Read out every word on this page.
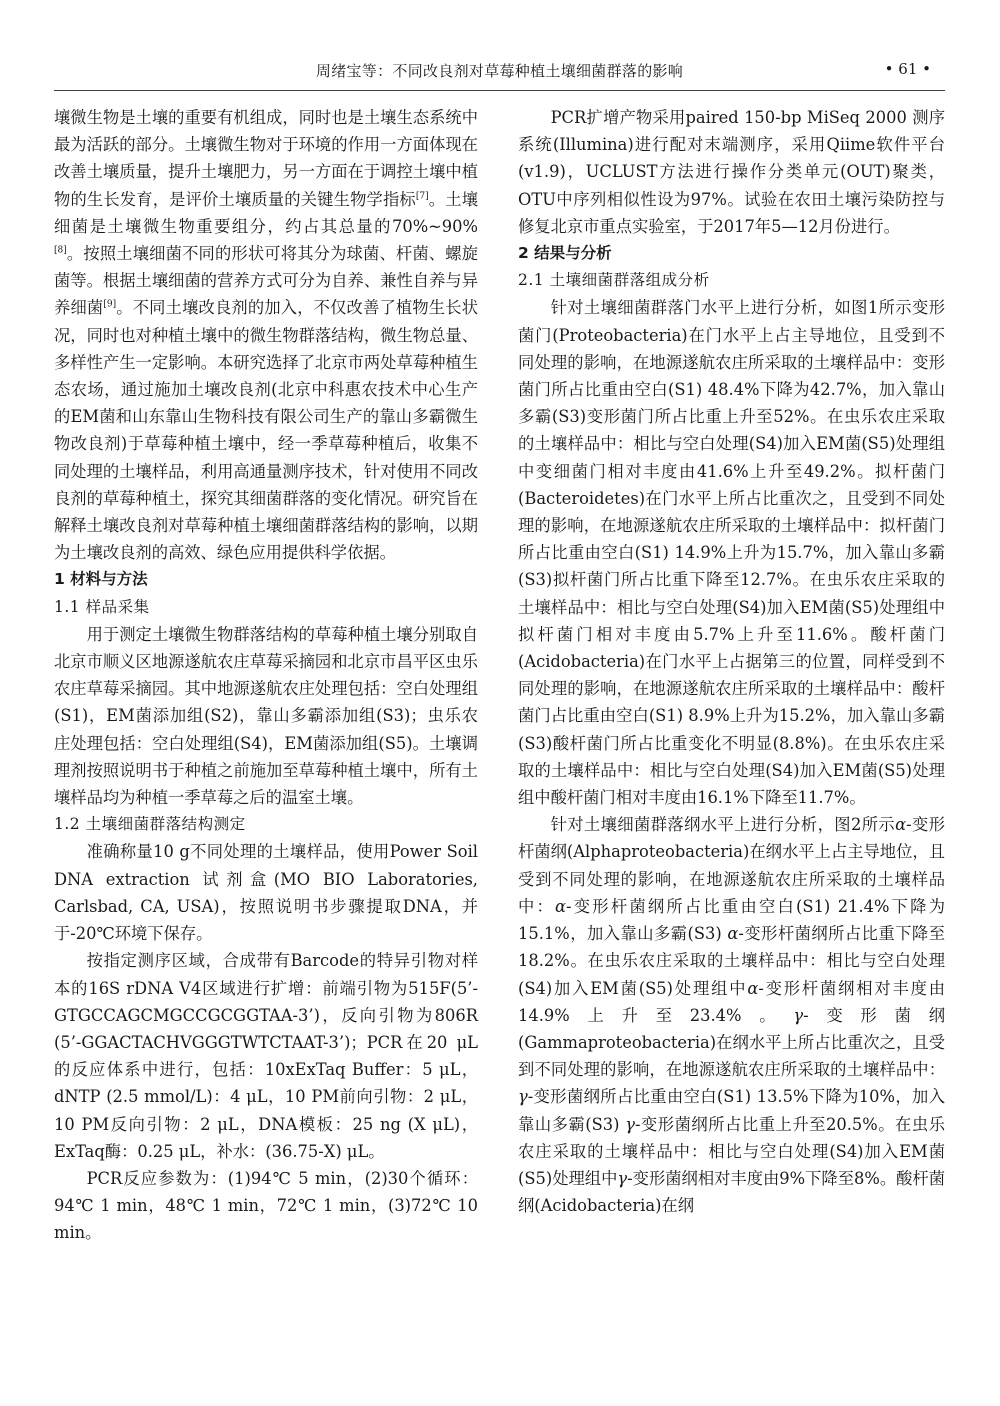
周绪宝等：不同改良剂对草莓种植土壤细菌群落的影响	• 61 •

壤微生物是土壤的重要有机组成，同时也是土壤生态系统中最为活跃的部分。土壤微生物对于环境的作用一方面体现在改善土壤质量，提升土壤肥力，另一方面在于调控土壤中植物的生长发育，是评价土壤质量的关键生物学指标[7]。土壤细菌是土壤微生物重要组分，约占其总量的70%~90%[8]。按照土壤细菌不同的形状可将其分为球菌、杆菌、螺旋菌等。根据土壤细菌的营养方式可分为自养、兼性自养与异养细菌[9]。不同土壤改良剂的加入，不仅改善了植物生长状况，同时也对种植土壤中的微生物群落结构，微生物总量、多样性产生一定影响。本研究选择了北京市两处草莓种植生态农场，通过施加土壤改良剂(北京中科惠农技术中心生产的EM菌和山东靠山生物科技有限公司生产的靠山多霸微生物改良剂)于草莓种植土壤中，经一季草莓种植后，收集不同处理的土壤样品，利用高通量测序技术，针对使用不同改良剂的草莓种植土，探究其细菌群落的变化情况。研究旨在解释土壤改良剂对草莓种植土壤细菌群落结构的影响，以期为土壤改良剂的高效、绿色应用提供科学依据。

1 材料与方法
1.1 样品采集

用于测定土壤微生物群落结构的草莓种植土壤分别取自北京市顺义区地源遂航农庄草莓采摘园和北京市昌平区虫乐农庄草莓采摘园。其中地源遂航农庄处理包括：空白处理组(S1)，EM菌添加组(S2)，靠山多霸添加组(S3)；虫乐农庄处理包括：空白处理组(S4)，EM菌添加组(S5)。土壤调理剂按照说明书于种植之前施加至草莓种植土壤中，所有土壤样品均为种植一季草莓之后的温室土壤。

1.2 土壤细菌群落结构测定

准确称量10 g不同处理的土壤样品，使用Power Soil DNA extraction 试剂盒(MO BIO Laboratories, Carlsbad, CA, USA)，按照说明书步骤提取DNA，并于-20℃环境下保存。

按指定测序区域，合成带有Barcode的特异引物对样本的16S rDNA V4区域进行扩增：前端引物为515F(5’-GTGCCAGCMGCCGCGGTAA-3’)，反向引物为806R (5’-GGACTACHVGGGTWTCTAAT-3’)；PCR在20 μL的反应体系中进行，包括：10xExTaq Buffer：5 μL，dNTP (2.5 mmol/L)：4 μL，10 PM前向引物：2 μL，10 PM反向引物：2 μL，DNA模板：25 ng (X μL)，ExTaq酶：0.25 μL，补水：(36.75-X) μL。

PCR反应参数为：(1)94℃ 5 min，(2)30个循环：94℃ 1 min，48℃ 1 min，72℃ 1 min，(3)72℃ 10 min。

PCR扩增产物采用paired 150-bp MiSeq 2000 测序系统(Illumina)进行配对末端测序，采用Qiime软件平台(v1.9)，UCLUST方法进行操作分类单元(OUT)聚类，OTU中序列相似性设为97%。试验在农田土壤污染防控与修复北京市重点实验室，于2017年5—12月份进行。

2 结果与分析
2.1 土壤细菌群落组成分析

针对土壤细菌群落门水平上进行分析，如图1所示变形菌门(Proteobacteria)在门水平上占主导地位，且受到不同处理的影响，在地源遂航农庄所采取的土壤样品中：变形菌门所占比重由空白(S1) 48.4%下降为42.7%，加入靠山多霸(S3)变形菌门所占比重上升至52%。在虫乐农庄采取的土壤样品中：相比与空白处理(S4)加入EM菌(S5)处理组中变细菌门相对丰度由41.6%上升至49.2%。拟杆菌门(Bacteroidetes)在门水平上所占比重次之，且受到不同处理的影响，在地源遂航农庄所采取的土壤样品中：拟杆菌门所占比重由空白(S1) 14.9%上升为15.7%，加入靠山多霸(S3)拟杆菌门所占比重下降至12.7%。在虫乐农庄采取的土壤样品中：相比与空白处理(S4)加入EM菌(S5)处理组中拟杆菌门相对丰度由5.7%上升至11.6%。酸杆菌门(Acidobacteria)在门水平上占据第三的位置，同样受到不同处理的影响，在地源遂航农庄所采取的土壤样品中：酸杆菌门占比重由空白(S1) 8.9%上升为15.2%，加入靠山多霸(S3)酸杆菌门所占比重变化不明显(8.8%)。在虫乐农庄采取的土壤样品中：相比与空白处理(S4)加入EM菌(S5)处理组中酸杆菌门相对丰度由16.1%下降至11.7%。

针对土壤细菌群落纲水平上进行分析，图2所示α-变形杆菌纲(Alphaproteobacteria)在纲水平上占主导地位，且受到不同处理的影响，在地源遂航农庄所采取的土壤样品中：α-变形杆菌纲所占比重由空白(S1) 21.4%下降为15.1%，加入靠山多霸(S3) α-变形杆菌纲所占比重下降至18.2%。在虫乐农庄采取的土壤样品中：相比与空白处理(S4)加入EM菌(S5)处理组中α-变形杆菌纲相对丰度由14.9%上升至23.4%。γ-变形菌纲(Gammaproteobacteria)在纲水平上所占比重次之，且受到不同处理的影响，在地源遂航农庄所采取的土壤样品中：γ-变形菌纲所占比重由空白(S1) 13.5%下降为10%，加入靠山多霸(S3) γ-变形菌纲所占比重上升至20.5%。在虫乐农庄采取的土壤样品中：相比与空白处理(S4)加入EM菌(S5)处理组中γ-变形菌纲相对丰度由9%下降至8%。酸杆菌纲(Acidobacteria)在纲
